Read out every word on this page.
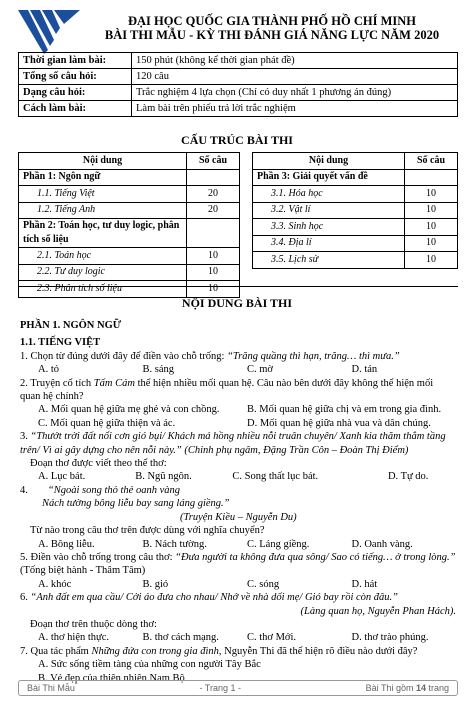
ĐẠI HỌC QUỐC GIA THÀNH PHỐ HỒ CHÍ MINH
BÀI THI MẪU - KỲ THI ĐÁNH GIÁ NĂNG LỰC NĂM 2020
Thời gian làm bài:	150 phút (không kể thời gian phát đề)
Tổng số câu hỏi:	120 câu
Dạng câu hỏi:	Trắc nghiệm 4 lựa chọn (Chỉ có duy nhất 1 phương án đúng)
Cách làm bài:	Làm bài trên phiếu trả lời trắc nghiệm
CẤU TRÚC BÀI THI
Nội dung	Số câu
Phần 1: Ngôn ngữ	
1.1. Tiếng Việt	20
1.2. Tiếng Anh	20
Phần 2: Toán học, tư duy logic, phân tích số liệu	
2.1. Toán học	10
2.2. Tư duy logic	10
2.3. Phân tích số liệu	10
Nội dung	Số câu
Phần 3: Giải quyết vấn đề	
3.1. Hóa học	10
3.2. Vật lí	10
3.3. Sinh học	10
3.4. Địa lí	10
3.5. Lịch sử	10
NỘI DUNG BÀI THI

PHẦN 1. NGÔN NGỮ

1.1. TIẾNG VIỆT

1. Chọn từ đúng dưới đây để điền vào chỗ trống: “Trăng quầng thì hạn, trăng… thì mưa.”

A. tỏ	B. sáng	C. mờ	D. tán

2. Truyện cổ tích Tấm Cám thể hiện nhiều mối quan hệ. Câu nào bên dưới đây không thể hiện mối quan hệ chính?

A. Mối quan hệ giữa mẹ ghẻ và con chồng.	B. Mối quan hệ giữa chị và em trong gia đình.
C. Mối quan hệ giữa thiện và ác.	D. Mối quan hệ giữa nhà vua và dân chúng.

3. “Thướt trời đất nổi cơn gió bụi/ Khách má hồng nhiều nỗi truân chuyên/ Xanh kia thăm thẳm tầng trên/ Vì ai gây dựng cho nên nỗi này.” (Chinh phụ ngâm, Đặng Trần Côn – Đoàn Thị Điểm)

Đoạn thơ được viết theo thể thơ:

A. Lục bát.	B. Ngũ ngôn.	C. Song thất lục bát.	D. Tự do.

4. “Ngoài song thỏ thẻ oanh vàng

Nách tường bông liễu bay sang láng giềng.”

(Truyện Kiều – Nguyễn Du)

Từ nào trong câu thơ trên được dùng với nghĩa chuyển?

A. Bông liễu.	B. Nách tường.	C. Láng giềng.	D. Oanh vàng.

5. Điền vào chỗ trống trong câu thơ: “Đưa người ta không đưa qua sông/ Sao có tiếng… ở trong lòng.” (Tống biệt hành - Thâm Tâm)

A. khóc	B. gió	C. sóng	D. hát

6. “Anh đất em qua cầu/ Cởi áo đưa cho nhau/ Nhớ về nhà dối mẹ/ Gió bay rồi còn đâu.”

(Làng quan họ, Nguyễn Phan Hách).

Đoạn thơ trên thuộc dòng thơ:

A. thơ hiện thực.	B. thơ cách mạng.	C. thơ Mới.	D. thơ trào phúng.

7. Qua tác phẩm Những đứa con trong gia đình, Nguyễn Thi đã thể hiện rõ điều nào dưới đây?

A. Sức sống tiềm tàng của những con người Tây Bắc

B. Vẻ đẹp của thiên nhiên Nam Bộ

Bài Thi Mẫu	- Trang 1 -	Bài Thi gồm 14 trang
